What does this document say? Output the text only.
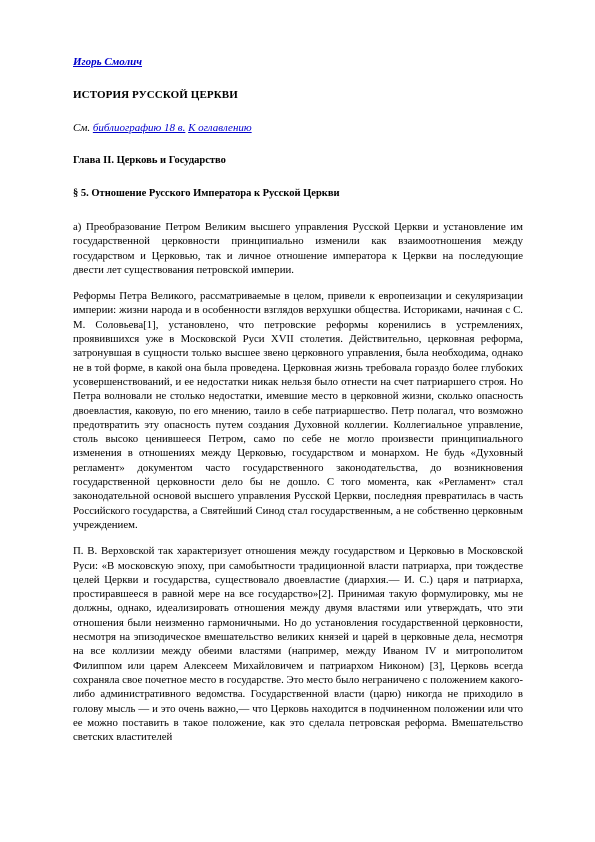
Игорь Смолич
ИСТОРИЯ РУССКОЙ ЦЕРКВИ
См. библиографию 18 в. К оглавлению
Глава II. Церковь и Государство
§ 5. Отношение Русского Императора к Русской Церкви

а) Преобразование Петром Великим высшего управления Русской Церкви и установление им государственной церковности принципиально изменили как взаимоотношения между государством и Церковью, так и личное отношение императора к Церкви на последующие двести лет существования петровской империи.

Реформы Петра Великого, рассматриваемые в целом, привели к европеизации и секуляризации империи: жизни народа и в особенности взглядов верхушки общества. Историками, начиная с С. М. Соловьева[1], установлено, что петровские реформы коренились в устремлениях, проявившихся уже в Московской Руси XVII столетия. Действительно, церковная реформа, затронувшая в сущности только высшее звено церковного управления, была необходима, однако не в той форме, в какой она была проведена. Церковная жизнь требовала гораздо более глубоких усовершенствований, и ее недостатки никак нельзя было отнести на счет патриаршего строя. Но Петра волновали не столько недостатки, имевшие место в церковной жизни, сколько опасность двоевластия, каковую, по его мнению, таило в себе патриаршество. Петр полагал, что возможно предотвратить эту опасность путем создания Духовной коллегии. Коллегиальное управление, столь высоко ценившееся Петром, само по себе не могло произвести принципиального изменения в отношениях между Церковью, государством и монархом. Не будь «Духовный регламент» документом часто государственного законодательства, до возникновения государственной церковности дело бы не дошло. С того момента, как «Регламент» стал законодательной основой высшего управления Русской Церкви, последняя превратилась в часть Российского государства, а Святейший Синод стал государственным, а не собственно церковным учреждением.

П. В. Верховской так характеризует отношения между государством и Церковью в Московской Руси: «В московскую эпоху, при самобытности традиционной власти патриарха, при тождестве целей Церкви и государства, существовало двоевластие (диархия.— И. С.) царя и патриарха, простиравшееся в равной мере на все государство»[2]. Принимая такую формулировку, мы не должны, однако, идеализировать отношения между двумя властями или утверждать, что эти отношения были неизменно гармоничными. Но до установления государственной церковности, несмотря на эпизодическое вмешательство великих князей и царей в церковные дела, несмотря на все коллизии между обеими властями (например, между Иваном IV и митрополитом Филиппом или царем Алексеем Михайловичем и патриархом Никоном) [3], Церковь всегда сохраняла свое почетное место в государстве. Это место было неграничено с положением какого-либо административного ведомства. Государственной власти (царю) никогда не приходило в голову мысль — и это очень важно,— что Церковь находится в подчиненном положении или что ее можно поставить в такое положение, как это сделала петровская реформа. Вмешательство светских властителей
